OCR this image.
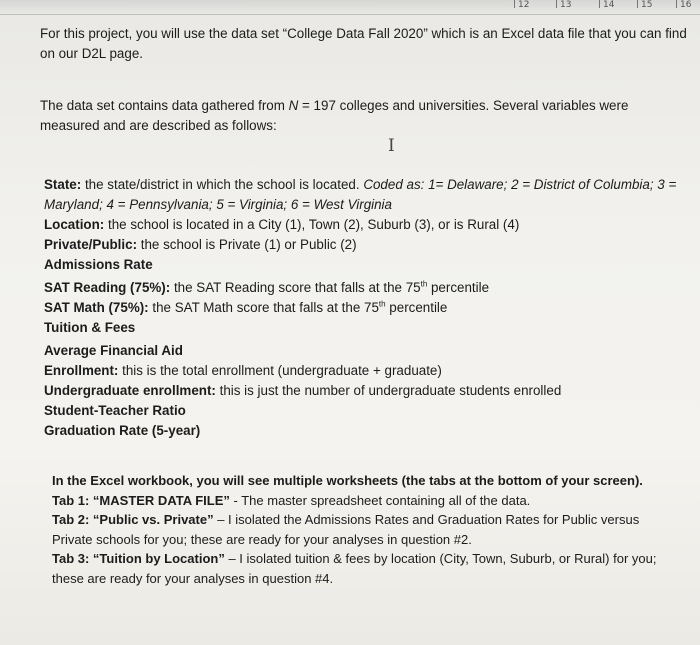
12	13	14	15	16
I

For this project, you will use the data set “College Data Fall 2020” which is an Excel data file that you can find on our D2L page.

The data set contains data gathered from N = 197 colleges and universities. Several variables were measured and are described as follows:

State: the state/district in which the school is located. Coded as: 1= Delaware; 2 = District of Columbia; 3 = Maryland; 4 = Pennsylvania; 5 = Virginia; 6 = West Virginia

Location: the school is located in a City (1), Town (2), Suburb (3), or is Rural (4)

Private/Public: the school is Private (1) or Public (2)

Admissions Rate

SAT Reading (75%): the SAT Reading score that falls at the 75th percentile

SAT Math (75%): the SAT Math score that falls at the 75th percentile

Tuition & Fees

Average Financial Aid

Enrollment: this is the total enrollment (undergraduate + graduate)

Undergraduate enrollment: this is just the number of undergraduate students enrolled

Student-Teacher Ratio

Graduation Rate (5-year)

In the Excel workbook, you will see multiple worksheets (the tabs at the bottom of your screen).

Tab 1: “MASTER DATA FILE” - The master spreadsheet containing all of the data.

Tab 2: “Public vs. Private” – I isolated the Admissions Rates and Graduation Rates for Public versus Private schools for you; these are ready for your analyses in question #2.

Tab 3: “Tuition by Location” – I isolated tuition & fees by location (City, Town, Suburb, or Rural) for you; these are ready for your analyses in question #4.
